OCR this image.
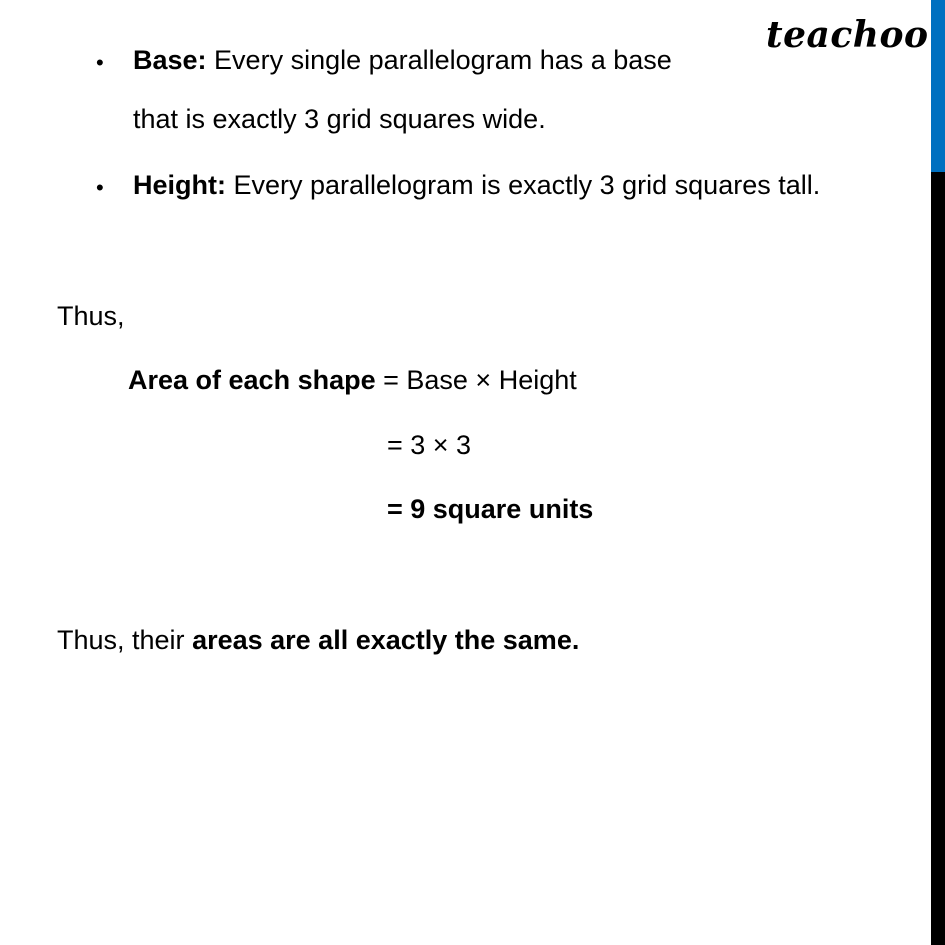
teachoo
• Base: Every single parallelogram has a base
that is exactly 3 grid squares wide.
• Height: Every parallelogram is exactly 3 grid squares tall.
Thus,
Area of each shape = Base × Height
= 3 × 3
= 9 square units
Thus, their areas are all exactly the same.
